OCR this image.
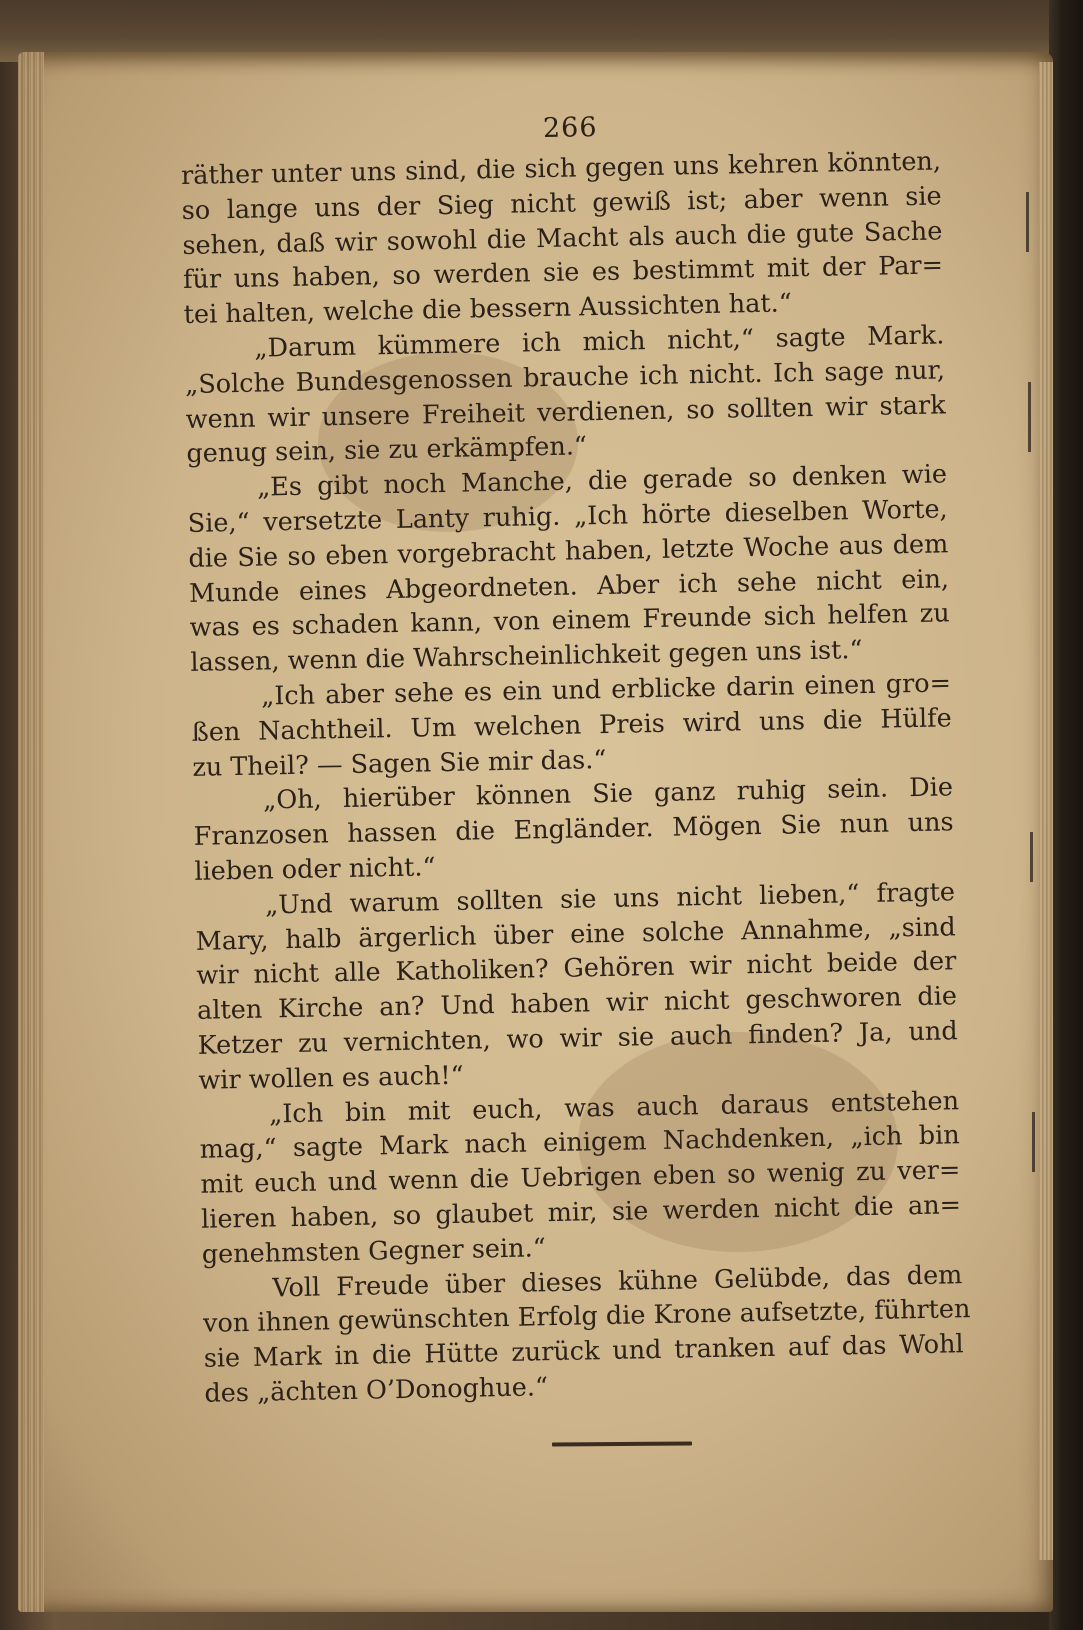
266
räther unter uns sind, die sich gegen uns kehren könnten,
so lange uns der Sieg nicht gewiß ist; aber wenn sie
sehen, daß wir sowohl die Macht als auch die gute Sache
für uns haben, so werden sie es bestimmt mit der Par=
tei halten, welche die bessern Aussichten hat.“
„Darum kümmere ich mich nicht,“ sagte Mark.
„Solche Bundesgenossen brauche ich nicht. Ich sage nur,
wenn wir unsere Freiheit verdienen, so sollten wir stark
genug sein, sie zu erkämpfen.“
„Es gibt noch Manche, die gerade so denken wie
Sie,“ versetzte Lanty ruhig. „Ich hörte dieselben Worte,
die Sie so eben vorgebracht haben, letzte Woche aus dem
Munde eines Abgeordneten. Aber ich sehe nicht ein,
was es schaden kann, von einem Freunde sich helfen zu
lassen, wenn die Wahrscheinlichkeit gegen uns ist.“
„Ich aber sehe es ein und erblicke darin einen gro=
ßen Nachtheil. Um welchen Preis wird uns die Hülfe
zu Theil? — Sagen Sie mir das.“
„Oh, hierüber können Sie ganz ruhig sein. Die
Franzosen hassen die Engländer. Mögen Sie nun uns
lieben oder nicht.“
„Und warum sollten sie uns nicht lieben,“ fragte
Mary, halb ärgerlich über eine solche Annahme, „sind
wir nicht alle Katholiken? Gehören wir nicht beide der
alten Kirche an? Und haben wir nicht geschworen die
Ketzer zu vernichten, wo wir sie auch finden? Ja, und
wir wollen es auch!“
„Ich bin mit euch, was auch daraus entstehen
mag,“ sagte Mark nach einigem Nachdenken, „ich bin
mit euch und wenn die Uebrigen eben so wenig zu ver=
lieren haben, so glaubet mir, sie werden nicht die an=
genehmsten Gegner sein.“
Voll Freude über dieses kühne Gelübde, das dem
von ihnen gewünschten Erfolg die Krone aufsetzte, führten
sie Mark in die Hütte zurück und tranken auf das Wohl
des „ächten O’Donoghue.“
